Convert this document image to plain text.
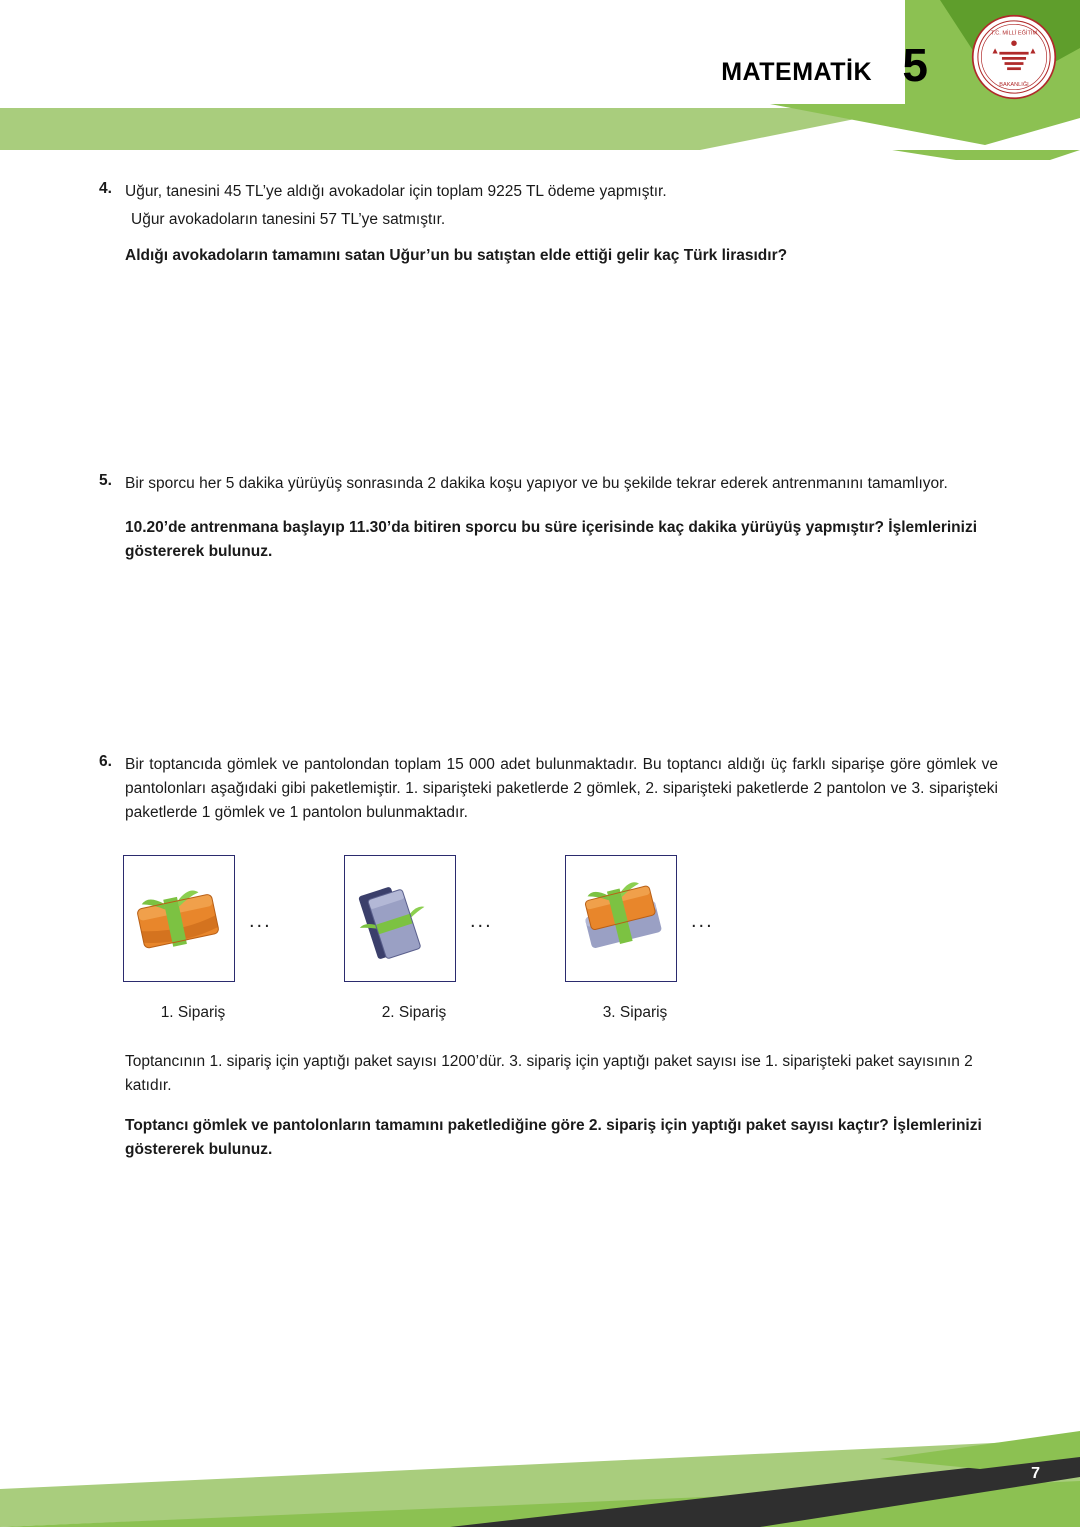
MATEMATİK 5
T.C. MİLLÎ EĞİTİM
BAKANLIĞI
4. Uğur, tanesini 45 TL’ye aldığı avokadolar için toplam 9225 TL ödeme yapmıştır.

Uğur avokadoların tanesini 57 TL’ye satmıştır.

Aldığı avokadoların tamamını satan Uğur’un bu satıştan elde ettiği gelir kaç Türk lirasıdır?

5. Bir sporcu her 5 dakika yürüyüş sonrasında 2 dakika koşu yapıyor ve bu şekilde tekrar ederek antrenmanını tamamlıyor.

10.20’de antrenmana başlayıp 11.30’da bitiren sporcu bu süre içerisinde kaç dakika yürüyüş yapmıştır? İşlemlerinizi göstererek bulunuz.

6. Bir toptancıda gömlek ve pantolondan toplam 15 000 adet bulunmaktadır. Bu toptancı aldığı üç farklı siparişe göre gömlek ve pantolonları aşağıdaki gibi paketlemiştir. 1. siparişteki paketlerde 2 gömlek, 2. siparişteki paketlerde 2 pantolon ve 3. siparişteki paketlerde 1 gömlek ve 1 pantolon bulunmaktadır.

...
1. Sipariş
...
2. Sipariş
...
3. Sipariş

Toptancının 1. sipariş için yaptığı paket sayısı 1200’dür. 3. sipariş için yaptığı paket sayısı ise 1. siparişteki paket sayısının 2 katıdır.

Toptancı gömlek ve pantolonların tamamını paketlediğine göre 2. sipariş için yaptığı paket sayısı kaçtır? İşlemlerinizi göstererek bulunuz.

7
